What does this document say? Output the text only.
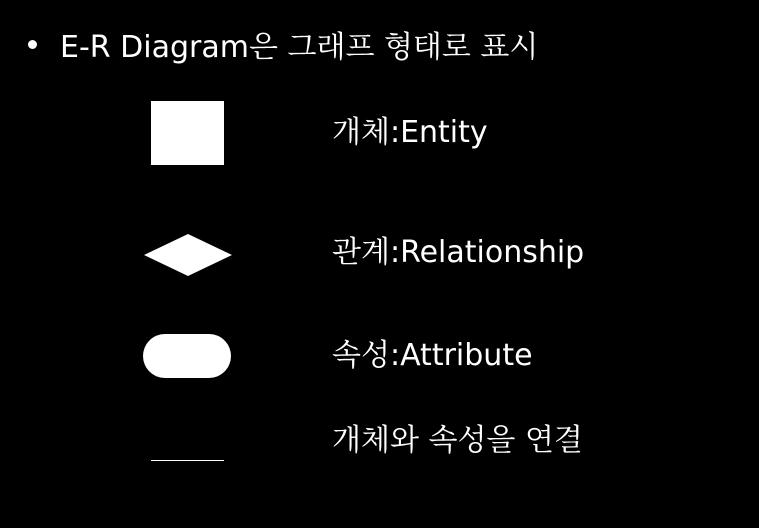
E-R Diagram은 그래프 형태로 표시
개체:Entity
관계:Relationship
속성:Attribute
개체와 속성을 연결
